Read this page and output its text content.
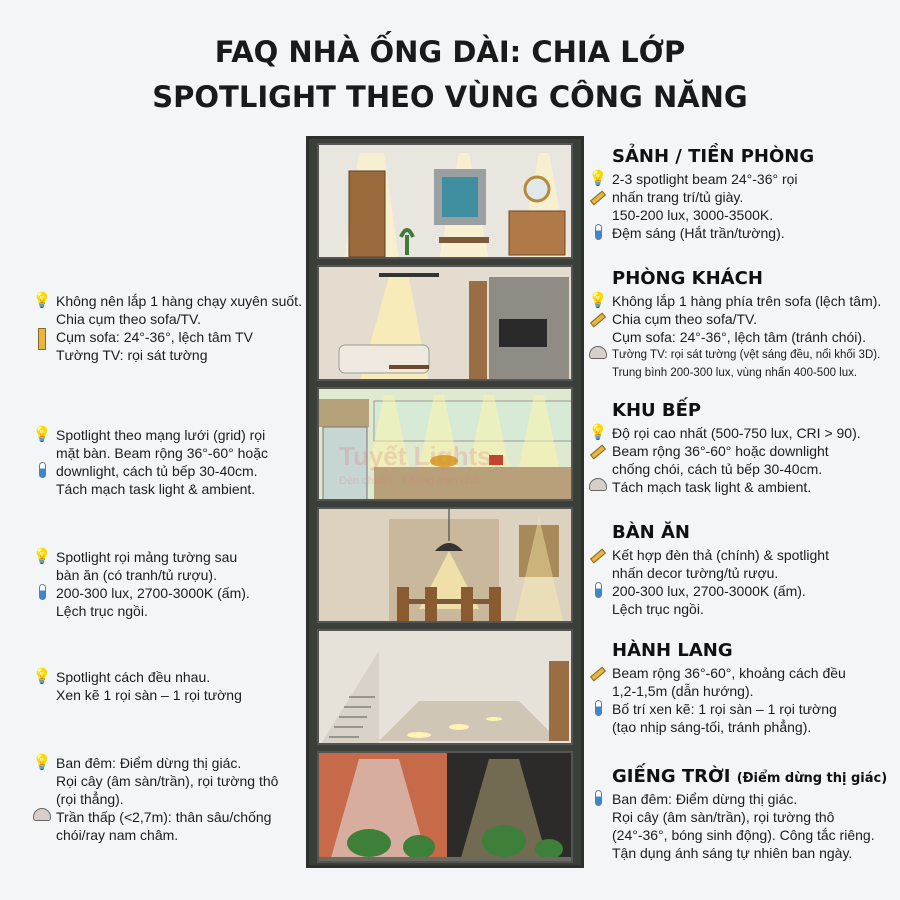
FAQ NHÀ ỐNG DÀI: CHIA LỚP
SPOTLIGHT THEO VÙNG CÔNG NĂNG
Tuyết Lights
Đèn chuẩn - Không gian chất
SẢNH / TIỀN PHÒNG
💡 2-3 spotlight beam 24°-36° rọi
nhấn trang trí/tủ giày.
150-200 lux, 3000-3500K.
Đệm sáng (Hắt trần/tường).
PHÒNG KHÁCH
💡 Không lắp 1 hàng phía trên sofa (lệch tâm).
Chia cụm theo sofa/TV.
Cụm sofa: 24°-36°, lệch tâm (tránh chói).
Tường TV: rọi sát tường (vệt sáng đều, nổi khối 3D).
Trung bình 200-300 lux, vùng nhấn 400-500 lux.
KHU BẾP
💡 Độ rọi cao nhất (500-750 lux, CRI > 90).
Beam rộng 36°-60° hoặc downlight
chống chói, cách tủ bếp 30-40cm.
Tách mạch task light & ambient.
BÀN ĂN
Kết hợp đèn thả (chính) & spotlight
nhấn decor tường/tủ rượu.
200-300 lux, 2700-3000K (ấm).
Lệch trục ngồi.
HÀNH LANG
Beam rộng 36°-60°, khoảng cách đều
1,2-1,5m (dẫn hướng).
Bố trí xen kẽ: 1 rọi sàn – 1 rọi tường
(tạo nhịp sáng-tối, tránh phẳng).
GIẾNG TRỜI (Điểm dừng thị giác)
Ban đêm: Điểm dừng thị giác.
Rọi cây (âm sàn/trần), rọi tường thô
(24°-36°, bóng sinh động). Công tắc riêng.
Tận dụng ánh sáng tự nhiên ban ngày.
💡 Không nên lắp 1 hàng chạy xuyên suốt.
Chia cụm theo sofa/TV.
Cụm sofa: 24°-36°, lệch tâm TV
Tường TV: rọi sát tường
💡 Spotlight theo mạng lưới (grid) rọi
mặt bàn. Beam rộng 36°-60° hoặc
downlight, cách tủ bếp 30-40cm.
Tách mạch task light & ambient.
💡 Spotlight rọi mảng tường sau
bàn ăn (có tranh/tủ rượu).
200-300 lux, 2700-3000K (ấm).
Lệch trục ngồi.
💡 Spotlight cách đều nhau.
Xen kẽ 1 rọi sàn – 1 rọi tường
💡 Ban đêm: Điểm dừng thị giác.
Rọi cây (âm sàn/trần), rọi tường thô
(rọi thẳng).
Trần thấp (<2,7m): thân sâu/chống
chói/ray nam châm.
